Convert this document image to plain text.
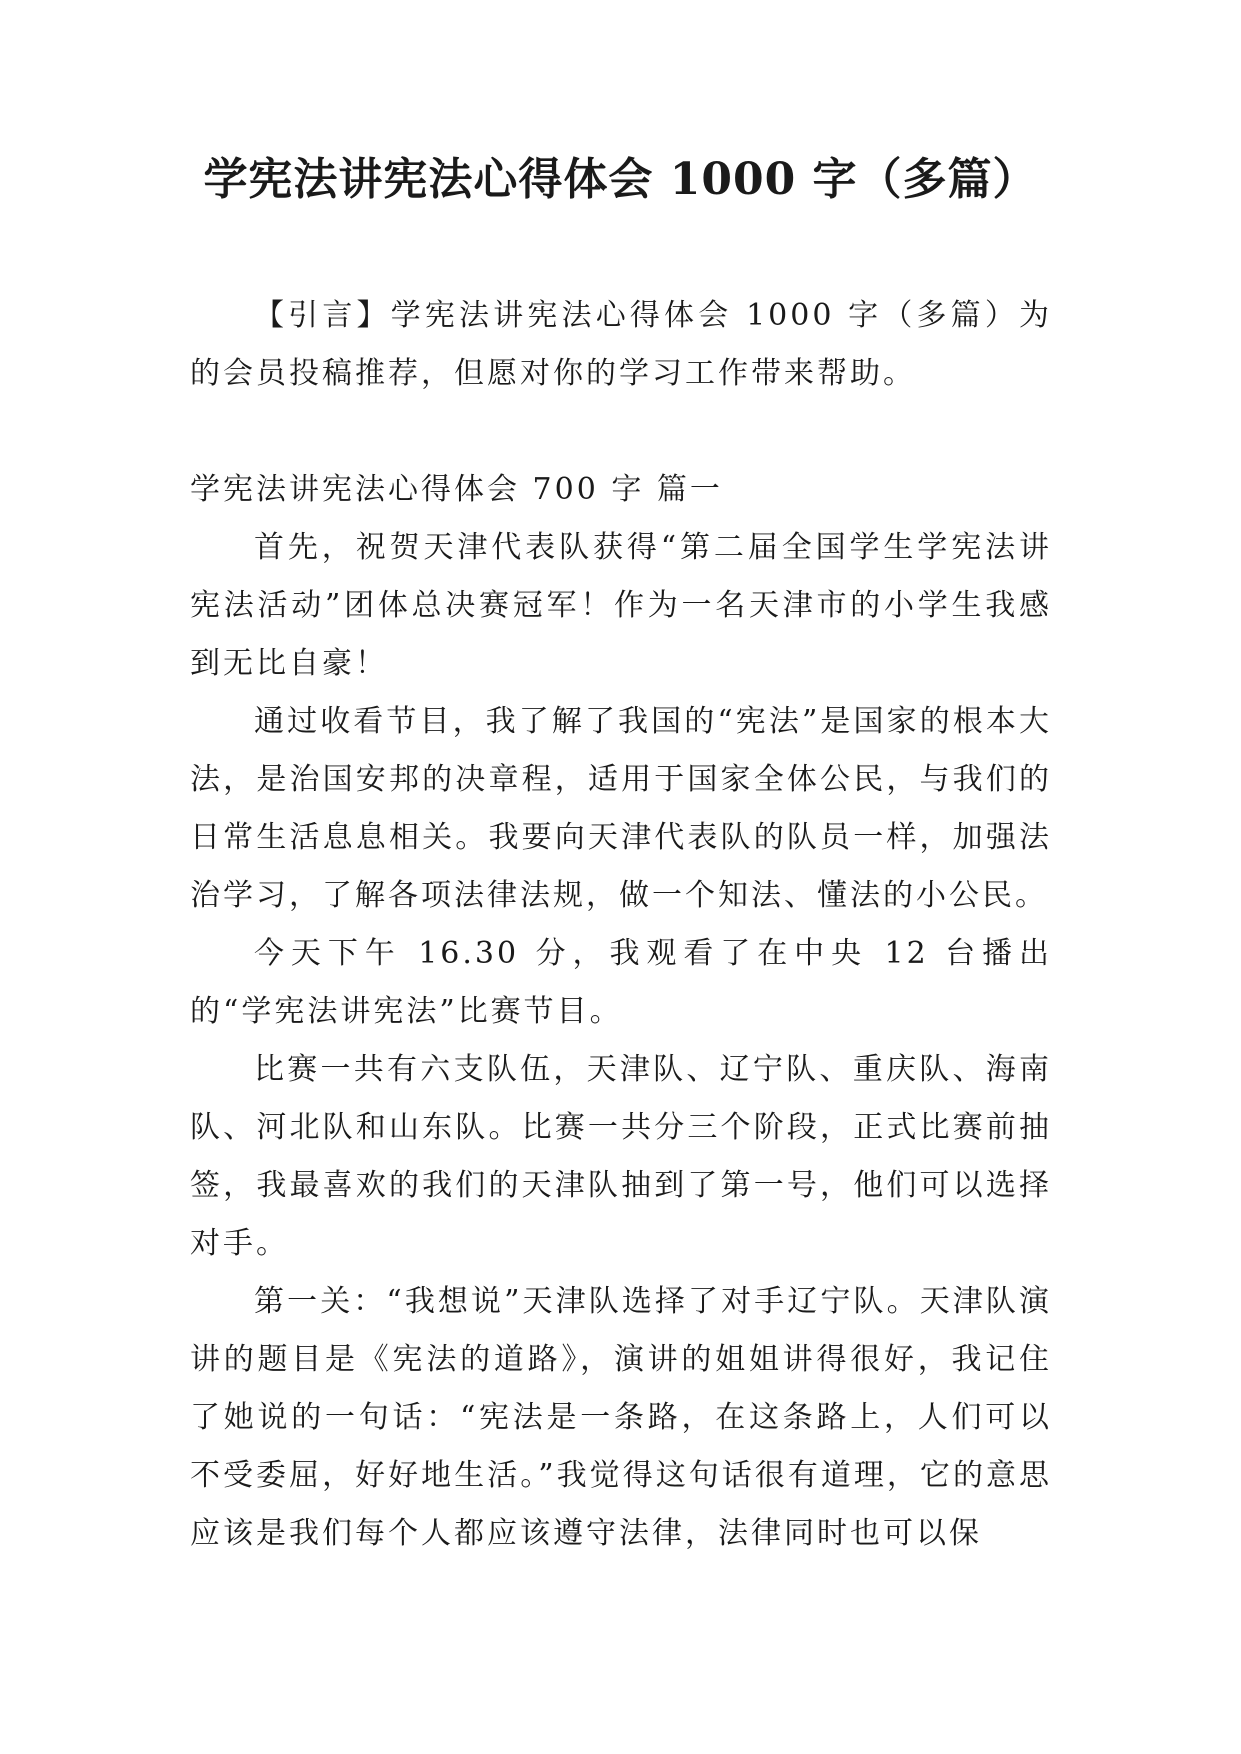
学宪法讲宪法心得体会 1000 字（多篇）

【引言】学宪法讲宪法心得体会 1000 字（多篇）为的会员投稿推荐，但愿对你的学习工作带来帮助。

学宪法讲宪法心得体会 700 字 篇一

首先，祝贺天津代表队获得“第二届全国学生学宪法讲宪法活动”团体总决赛冠军！作为一名天津市的小学生我感到无比自豪！

通过收看节目，我了解了我国的“宪法”是国家的根本大法，是治国安邦的决章程，适用于国家全体公民，与我们的日常生活息息相关。我要向天津代表队的队员一样，加强法治学习，了解各项法律法规，做一个知法、懂法的小公民。

今天下午 16.30 分，我观看了在中央 12 台播出的“学宪法讲宪法”比赛节目。

比赛一共有六支队伍，天津队、辽宁队、重庆队、海南队、河北队和山东队。比赛一共分三个阶段，正式比赛前抽签，我最喜欢的我们的天津队抽到了第一号，他们可以选择对手。

第一关：“我想说”天津队选择了对手辽宁队。天津队演讲的题目是《宪法的道路》，演讲的姐姐讲得很好，我记住了她说的一句话：“宪法是一条路，在这条路上，人们可以不受委屈，好好地生活。”我觉得这句话很有道理，它的意思应该是我们每个人都应该遵守法律，法律同时也可以保
